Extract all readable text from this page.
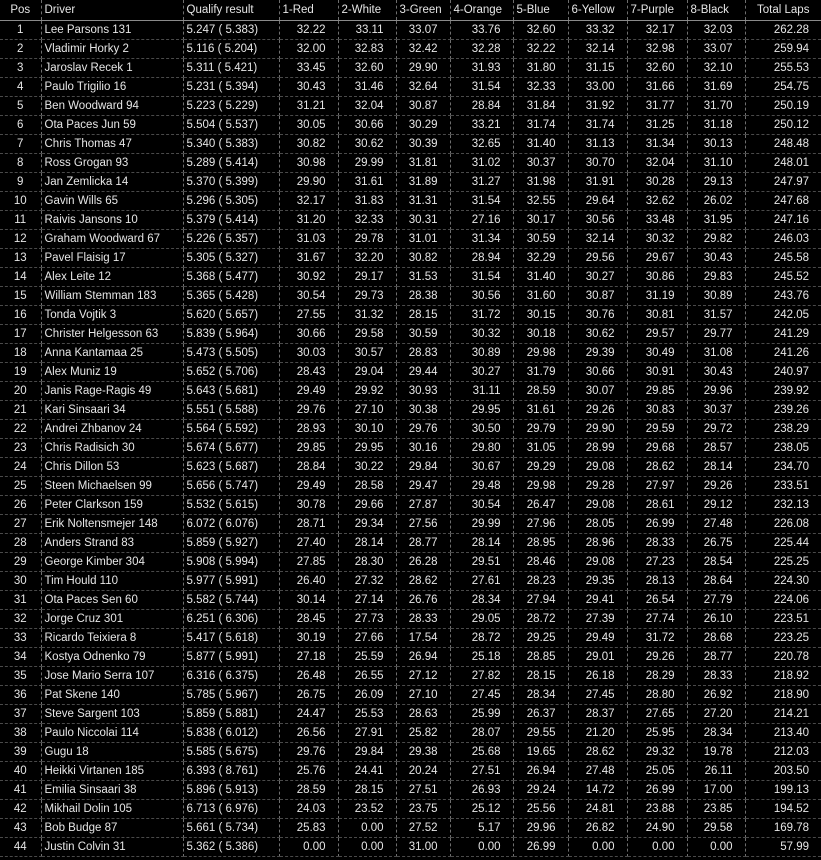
Pos	Driver	Qualify result	1-Red	2-White	3-Green	4-Orange	5-Blue	6-Yellow	7-Purple	8-Black	Total Laps
1	Lee Parsons 131	5.247 ( 5.383)	32.22	33.11	33.07	33.76	32.60	33.32	32.17	32.03	262.28
2	Vladimir Horky 2	5.116 ( 5.204)	32.00	32.83	32.42	32.28	32.22	32.14	32.98	33.07	259.94
3	Jaroslav Recek 1	5.311 ( 5.421)	33.45	32.60	29.90	31.93	31.80	31.15	32.60	32.10	255.53
4	Paulo Trigilio 16	5.231 ( 5.394)	30.43	31.46	32.64	31.54	32.33	33.00	31.66	31.69	254.75
5	Ben Woodward 94	5.223 ( 5.229)	31.21	32.04	30.87	28.84	31.84	31.92	31.77	31.70	250.19
6	Ota Paces Jun 59	5.504 ( 5.537)	30.05	30.66	30.29	33.21	31.74	31.74	31.25	31.18	250.12
7	Chris Thomas 47	5.340 ( 5.383)	30.82	30.62	30.39	32.65	31.40	31.13	31.34	30.13	248.48
8	Ross Grogan 93	5.289 ( 5.414)	30.98	29.99	31.81	31.02	30.37	30.70	32.04	31.10	248.01
9	Jan Zemlicka 14	5.370 ( 5.399)	29.90	31.61	31.89	31.27	31.98	31.91	30.28	29.13	247.97
10	Gavin Wills 65	5.296 ( 5.305)	32.17	31.83	31.31	31.54	32.55	29.64	32.62	26.02	247.68
11	Raivis Jansons 10	5.379 ( 5.414)	31.20	32.33	30.31	27.16	30.17	30.56	33.48	31.95	247.16
12	Graham Woodward 67	5.226 ( 5.357)	31.03	29.78	31.01	31.34	30.59	32.14	30.32	29.82	246.03
13	Pavel Flaisig 17	5.305 ( 5.327)	31.67	32.20	30.82	28.94	32.29	29.56	29.67	30.43	245.58
14	Alex Leite 12	5.368 ( 5.477)	30.92	29.17	31.53	31.54	31.40	30.27	30.86	29.83	245.52
15	William Stemman 183	5.365 ( 5.428)	30.54	29.73	28.38	30.56	31.60	30.87	31.19	30.89	243.76
16	Tonda Vojtik 3	5.620 ( 5.657)	27.55	31.32	28.15	31.72	30.15	30.76	30.81	31.57	242.05
17	Christer Helgesson 63	5.839 ( 5.964)	30.66	29.58	30.59	30.32	30.18	30.62	29.57	29.77	241.29
18	Anna Kantamaa 25	5.473 ( 5.505)	30.03	30.57	28.83	30.89	29.98	29.39	30.49	31.08	241.26
19	Alex Muniz 19	5.652 ( 5.706)	28.43	29.04	29.44	30.27	31.79	30.66	30.91	30.43	240.97
20	Janis Rage-Ragis 49	5.643 ( 5.681)	29.49	29.92	30.93	31.11	28.59	30.07	29.85	29.96	239.92
21	Kari Sinsaari 34	5.551 ( 5.588)	29.76	27.10	30.38	29.95	31.61	29.26	30.83	30.37	239.26
22	Andrei Zhbanov 24	5.564 ( 5.592)	28.93	30.10	29.76	30.50	29.79	29.90	29.59	29.72	238.29
23	Chris Radisich 30	5.674 ( 5.677)	29.85	29.95	30.16	29.80	31.05	28.99	29.68	28.57	238.05
24	Chris Dillon 53	5.623 ( 5.687)	28.84	30.22	29.84	30.67	29.29	29.08	28.62	28.14	234.70
25	Steen Michaelsen 99	5.656 ( 5.747)	29.49	28.58	29.47	29.48	29.98	29.28	27.97	29.26	233.51
26	Peter Clarkson 159	5.532 ( 5.615)	30.78	29.66	27.87	30.54	26.47	29.08	28.61	29.12	232.13
27	Erik Noltensmejer 148	6.072 ( 6.076)	28.71	29.34	27.56	29.99	27.96	28.05	26.99	27.48	226.08
28	Anders Strand 83	5.859 ( 5.927)	27.40	28.14	28.77	28.14	28.95	28.96	28.33	26.75	225.44
29	George Kimber 304	5.908 ( 5.994)	27.85	28.30	26.28	29.51	28.46	29.08	27.23	28.54	225.25
30	Tim Hould 110	5.977 ( 5.991)	26.40	27.32	28.62	27.61	28.23	29.35	28.13	28.64	224.30
31	Ota Paces Sen 60	5.582 ( 5.744)	30.14	27.14	26.76	28.34	27.94	29.41	26.54	27.79	224.06
32	Jorge Cruz 301	6.251 ( 6.306)	28.45	27.73	28.33	29.05	28.72	27.39	27.74	26.10	223.51
33	Ricardo Teixiera 8	5.417 ( 5.618)	30.19	27.66	17.54	28.72	29.25	29.49	31.72	28.68	223.25
34	Kostya Odnenko 79	5.877 ( 5.991)	27.18	25.59	26.94	25.18	28.85	29.01	29.26	28.77	220.78
35	Jose Mario Serra 107	6.316 ( 6.375)	26.48	26.55	27.12	27.82	28.15	26.18	28.29	28.33	218.92
36	Pat Skene 140	5.785 ( 5.967)	26.75	26.09	27.10	27.45	28.34	27.45	28.80	26.92	218.90
37	Steve Sargent 103	5.859 ( 5.881)	24.47	25.53	28.63	25.99	26.37	28.37	27.65	27.20	214.21
38	Paulo Niccolai 114	5.838 ( 6.012)	26.56	27.91	25.82	28.07	29.55	21.20	25.95	28.34	213.40
39	Gugu 18	5.585 ( 5.675)	29.76	29.84	29.38	25.68	19.65	28.62	29.32	19.78	212.03
40	Heikki Virtanen 185	6.393 ( 8.761)	25.76	24.41	20.24	27.51	26.94	27.48	25.05	26.11	203.50
41	Emilia Sinsaari 38	5.896 ( 5.913)	28.59	28.15	27.51	26.93	29.24	14.72	26.99	17.00	199.13
42	Mikhail Dolin 105	6.713 ( 6.976)	24.03	23.52	23.75	25.12	25.56	24.81	23.88	23.85	194.52
43	Bob Budge 87	5.661 ( 5.734)	25.83	0.00	27.52	5.17	29.96	26.82	24.90	29.58	169.78
44	Justin Colvin 31	5.362 ( 5.386)	0.00	0.00	31.00	0.00	26.99	0.00	0.00	0.00	57.99
